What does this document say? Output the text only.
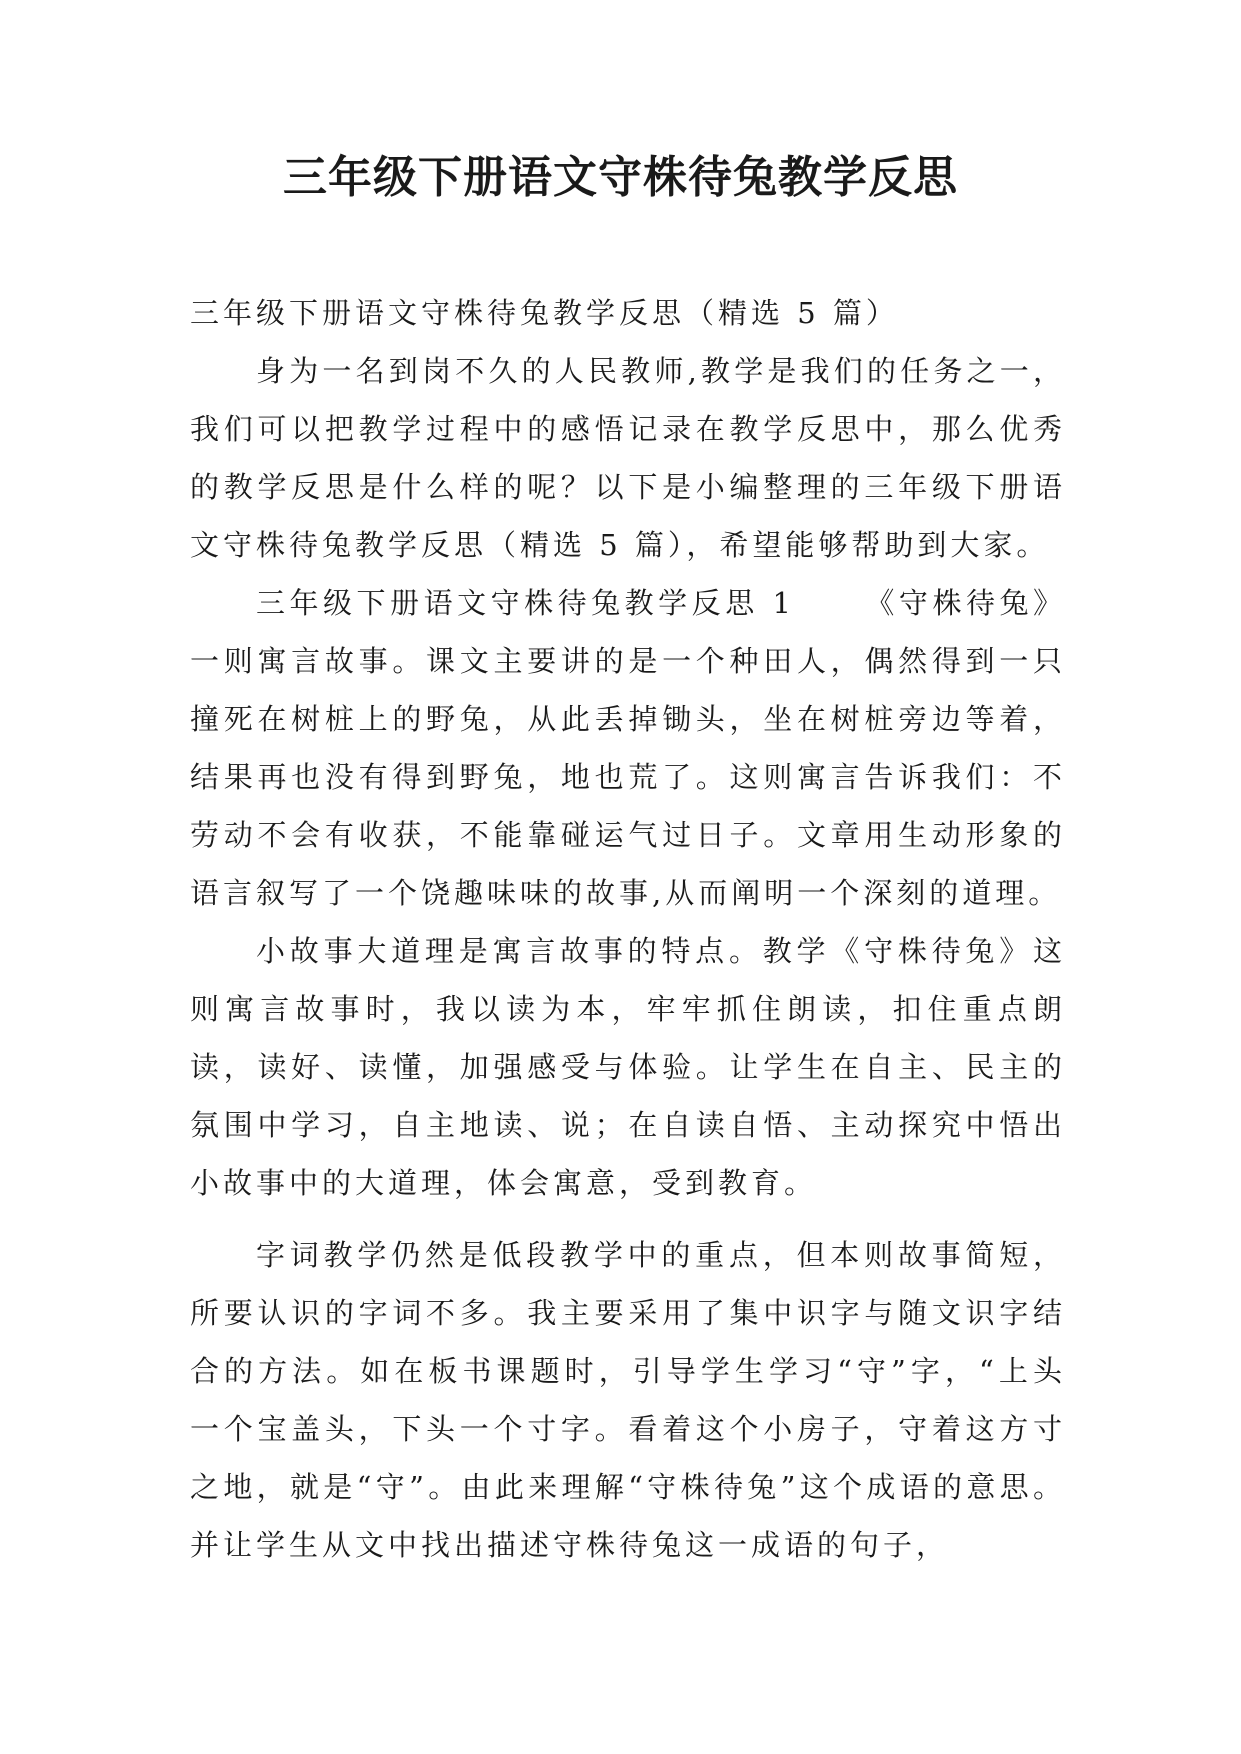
三年级下册语文守株待兔教学反思

三年级下册语文守株待兔教学反思（精选 5 篇）

身为一名到岗不久的人民教师,教学是我们的任务之一，我们可以把教学过程中的感悟记录在教学反思中，那么优秀的教学反思是什么样的呢？以下是小编整理的三年级下册语文守株待兔教学反思（精选 5 篇），希望能够帮助到大家。

三年级下册语文守株待兔教学反思 1 《守株待兔》一则寓言故事。课文主要讲的是一个种田人，偶然得到一只撞死在树桩上的野兔，从此丢掉锄头，坐在树桩旁边等着，结果再也没有得到野兔，地也荒了。这则寓言告诉我们：不劳动不会有收获，不能靠碰运气过日子。文章用生动形象的语言叙写了一个饶趣味味的故事,从而阐明一个深刻的道理。

小故事大道理是寓言故事的特点。教学《守株待兔》这则寓言故事时，我以读为本，牢牢抓住朗读，扣住重点朗读，读好、读懂，加强感受与体验。让学生在自主、民主的氛围中学习，自主地读、说；在自读自悟、主动探究中悟出小故事中的大道理，体会寓意，受到教育。

字词教学仍然是低段教学中的重点，但本则故事简短，所要认识的字词不多。我主要采用了集中识字与随文识字结合的方法。如在板书课题时，引导学生学习“守”字，“上头一个宝盖头，下头一个寸字。看着这个小房子，守着这方寸之地，就是“守”。由此来理解“守株待兔”这个成语的意思。并让学生从文中找出描述守株待兔这一成语的句子，
